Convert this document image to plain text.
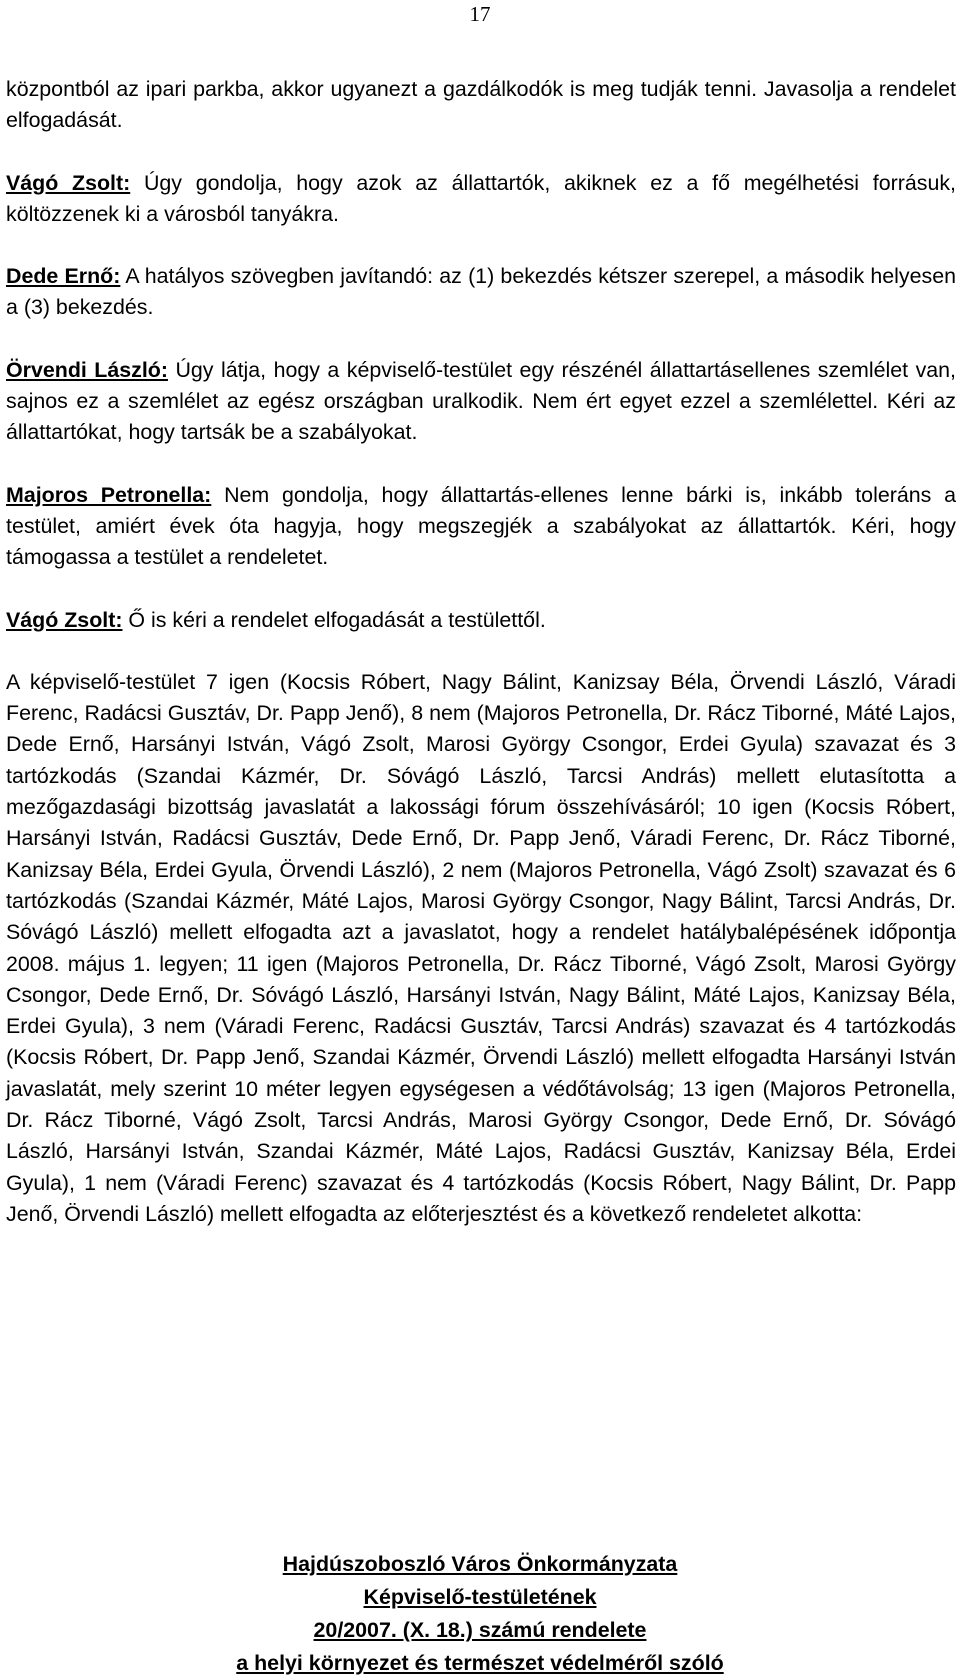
17

központból az ipari parkba, akkor ugyanezt a gazdálkodók is meg tudják tenni. Javasolja a rendelet elfogadását.

Vágó Zsolt: Úgy gondolja, hogy azok az állattartók, akiknek ez a fő megélhetési forrásuk, költözzenek ki a városból tanyákra.

Dede Ernő: A hatályos szövegben javítandó: az (1) bekezdés kétszer szerepel, a második helyesen a (3) bekezdés.

Örvendi László: Úgy látja, hogy a képviselő-testület egy részénél állattartásellenes szemlélet van, sajnos ez a szemlélet az egész országban uralkodik. Nem ért egyet ezzel a szemlélettel. Kéri az állattartókat, hogy tartsák be a szabályokat.

Majoros Petronella: Nem gondolja, hogy állattartás-ellenes lenne bárki is, inkább toleráns a testület, amiért évek óta hagyja, hogy megszegjék a szabályokat az állattartók. Kéri, hogy támogassa a testület a rendeletet.

Vágó Zsolt: Ő is kéri a rendelet elfogadását a testülettől.

A képviselő-testület 7 igen (Kocsis Róbert, Nagy Bálint, Kanizsay Béla, Örvendi László, Váradi Ferenc, Radácsi Gusztáv, Dr. Papp Jenő), 8 nem (Majoros Petronella, Dr. Rácz Tiborné, Máté Lajos, Dede Ernő, Harsányi István, Vágó Zsolt, Marosi György Csongor, Erdei Gyula) szavazat és 3 tartózkodás (Szandai Kázmér, Dr. Sóvágó László, Tarcsi András) mellett elutasította a mezőgazdasági bizottság javaslatát a lakossági fórum összehívásáról; 10 igen (Kocsis Róbert, Harsányi István, Radácsi Gusztáv, Dede Ernő, Dr. Papp Jenő, Váradi Ferenc, Dr. Rácz Tiborné, Kanizsay Béla, Erdei Gyula, Örvendi László), 2 nem (Majoros Petronella, Vágó Zsolt) szavazat és 6 tartózkodás (Szandai Kázmér, Máté Lajos, Marosi György Csongor, Nagy Bálint, Tarcsi András, Dr. Sóvágó László) mellett elfogadta azt a javaslatot, hogy a rendelet hatálybalépésének időpontja 2008. május 1. legyen; 11 igen (Majoros Petronella, Dr. Rácz Tiborné, Vágó Zsolt, Marosi György Csongor, Dede Ernő, Dr. Sóvágó László, Harsányi István, Nagy Bálint, Máté Lajos, Kanizsay Béla, Erdei Gyula), 3 nem (Váradi Ferenc, Radácsi Gusztáv, Tarcsi András) szavazat és 4 tartózkodás (Kocsis Róbert, Dr. Papp Jenő, Szandai Kázmér, Örvendi László) mellett elfogadta Harsányi István javaslatát, mely szerint 10 méter legyen egységesen a védőtávolság; 13 igen (Majoros Petronella, Dr. Rácz Tiborné, Vágó Zsolt, Tarcsi András, Marosi György Csongor, Dede Ernő, Dr. Sóvágó László, Harsányi István, Szandai Kázmér, Máté Lajos, Radácsi Gusztáv, Kanizsay Béla, Erdei Gyula), 1 nem (Váradi Ferenc) szavazat és 4 tartózkodás (Kocsis Róbert, Nagy Bálint, Dr. Papp Jenő, Örvendi László) mellett elfogadta az előterjesztést és a következő rendeletet alkotta:

Hajdúszoboszló Város Önkormányzata
Képviselő-testületének
20/2007. (X. 18.) számú rendelete
a helyi környezet és természet védelméről szóló
